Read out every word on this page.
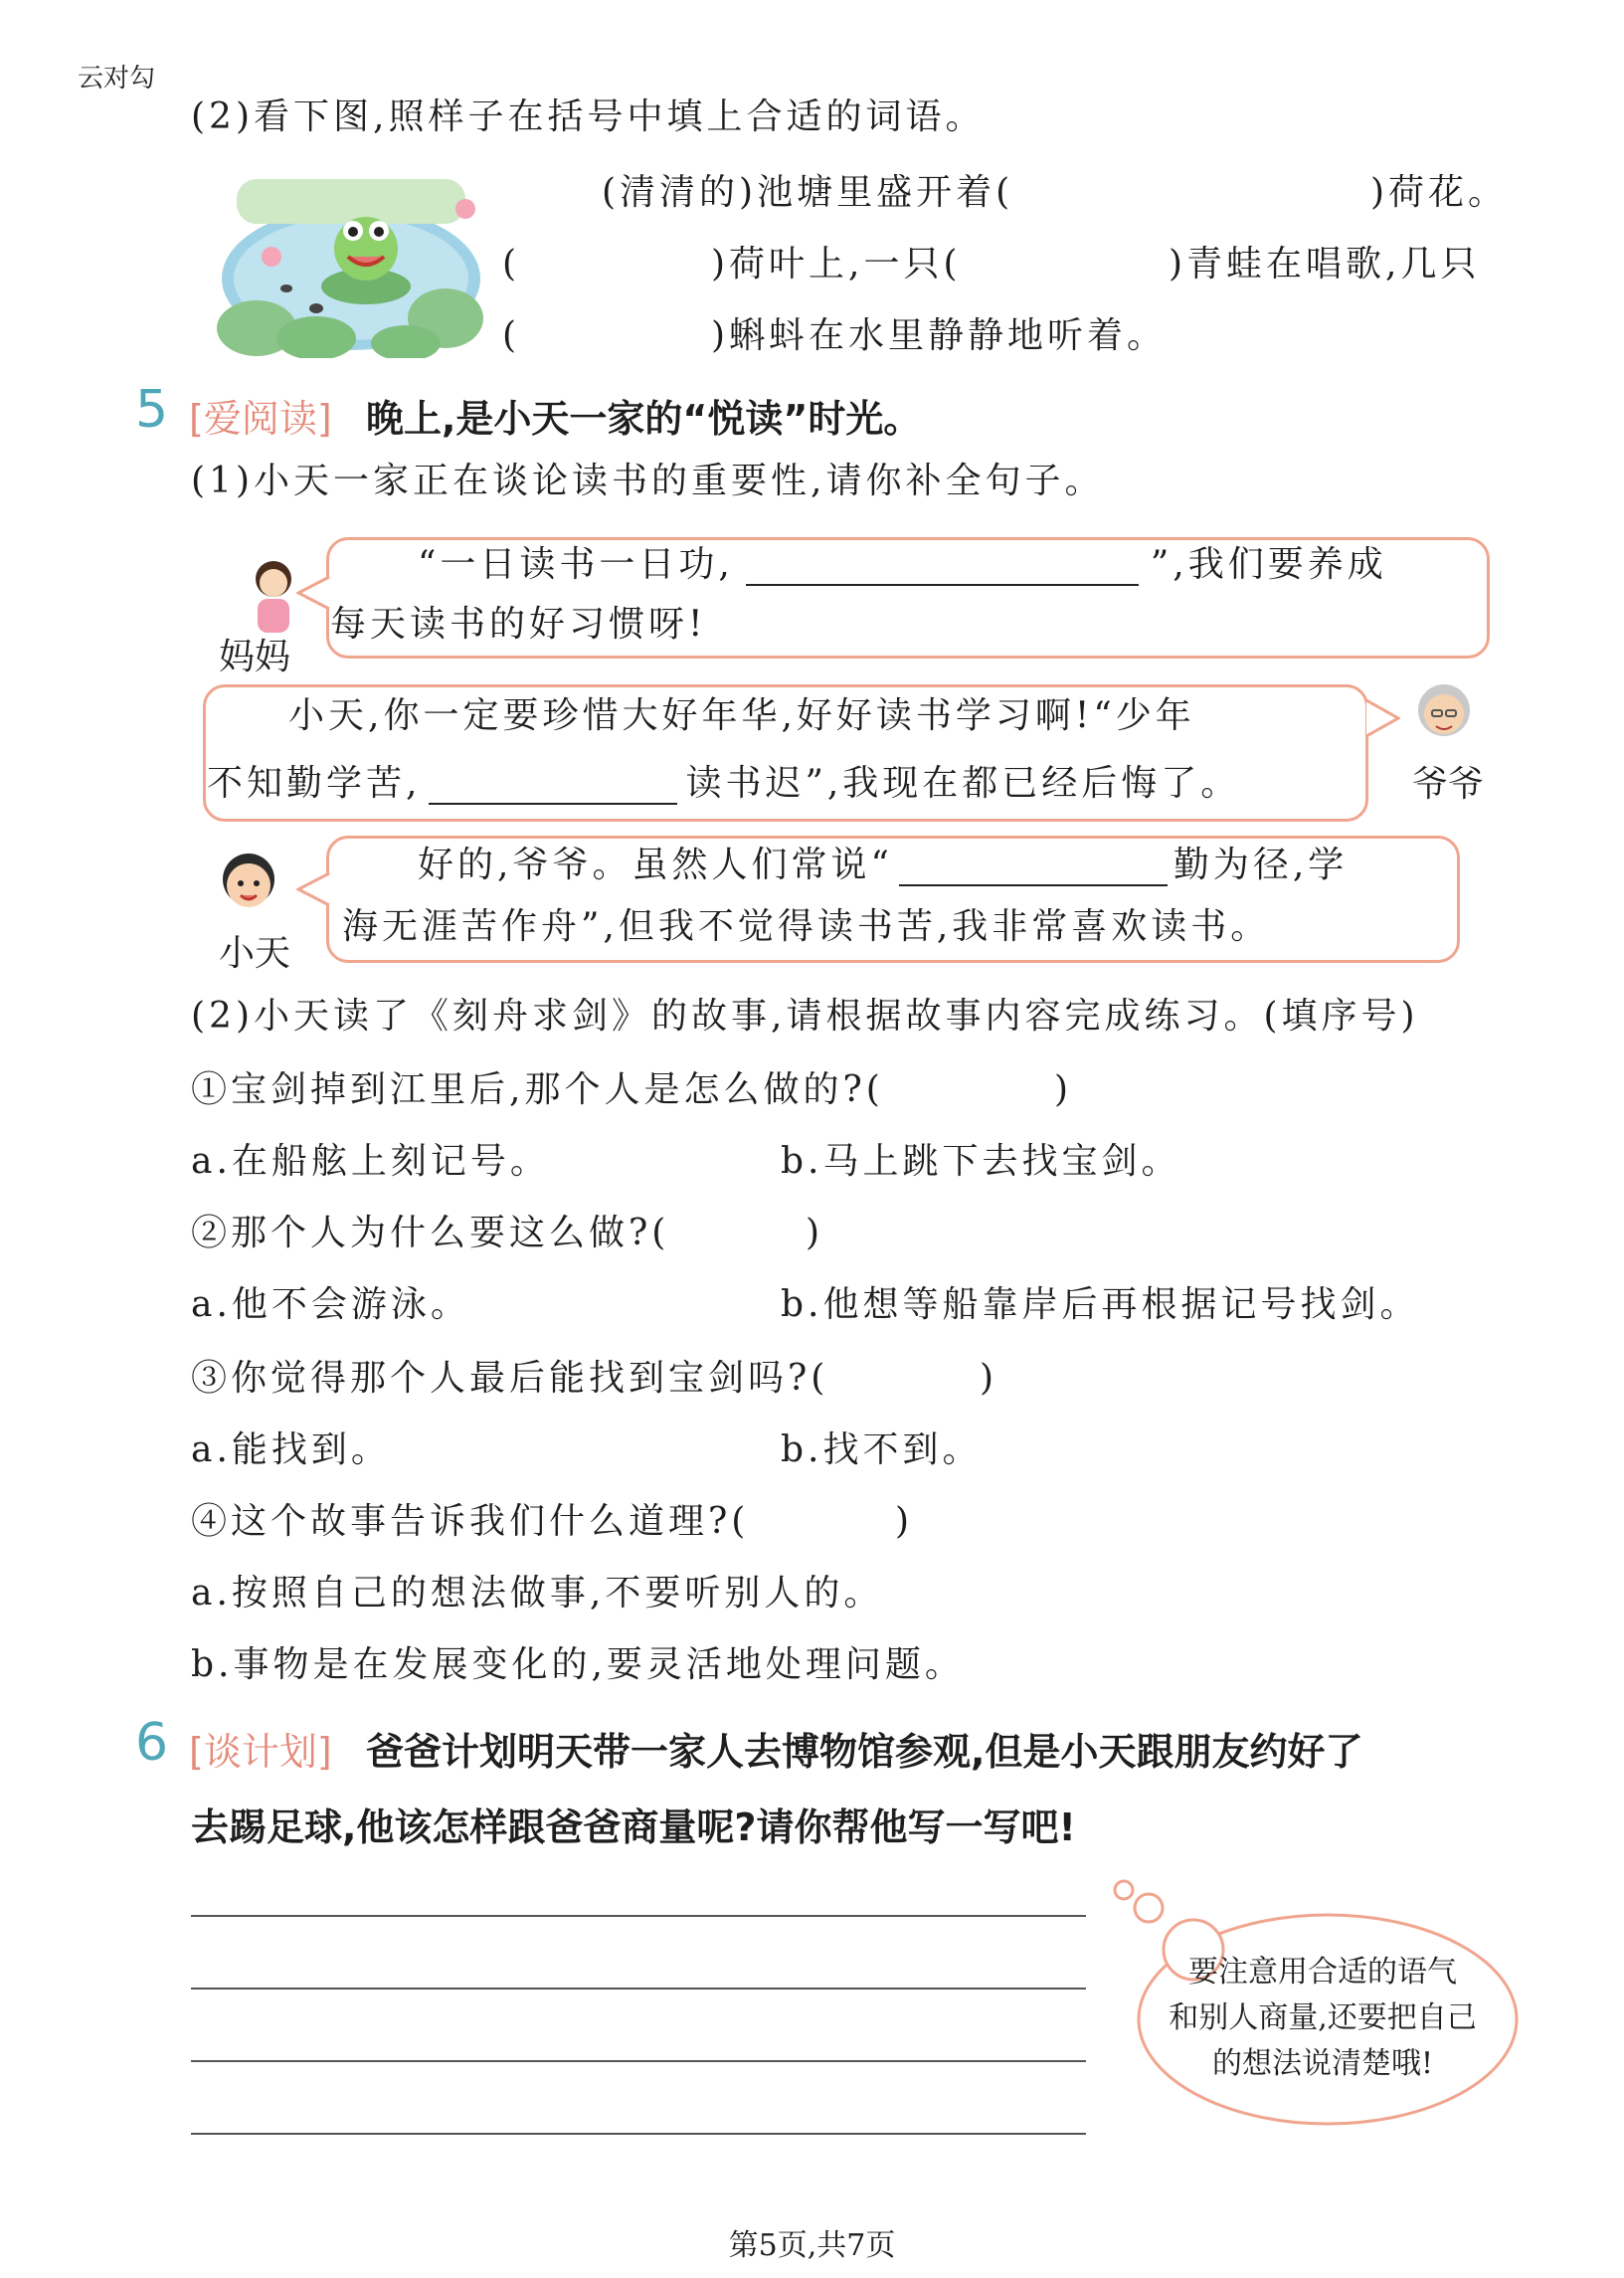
云对勾
(2)看下图,照样子在括号中填上合适的词语。
(清清的)池塘里盛开着(	)荷花。
(	)荷叶上,一只(	)青蛙在唱歌,几只
(	)蝌蚪在水里静静地听着。
5 [爱阅读] 晚上,是小天一家的“悦读”时光。
(1)小天一家正在谈论读书的重要性,请你补全句子。
妈妈
“一日读书一日功,	”,我们要养成
每天读书的好习惯呀!
小天,你一定要珍惜大好年华,好好读书学习啊!“少年
不知勤学苦,	读书迟”,我现在都已经后悔了。	爷爷
小天
好的,爷爷。虽然人们常说“	勤为径,学
海无涯苦作舟”,但我不觉得读书苦,我非常喜欢读书。
(2)小天读了《刻舟求剑》的故事,请根据故事内容完成练习。(填序号)
①宝剑掉到江里后,那个人是怎么做的?(	)
a.在船舷上刻记号。	b.马上跳下去找宝剑。
②那个人为什么要这么做?(	)
a.他不会游泳。	b.他想等船靠岸后再根据记号找剑。
③你觉得那个人最后能找到宝剑吗?(	)
a.能找到。	b.找不到。
④这个故事告诉我们什么道理?(	)
a.按照自己的想法做事,不要听别人的。
b.事物是在发展变化的,要灵活地处理问题。
6 [谈计划] 爸爸计划明天带一家人去博物馆参观,但是小天跟朋友约好了
去踢足球,他该怎样跟爸爸商量呢?请你帮他写一写吧!
要注意用合适的语气
和别人商量,还要把自己
的想法说清楚哦!
第5页,共7页
